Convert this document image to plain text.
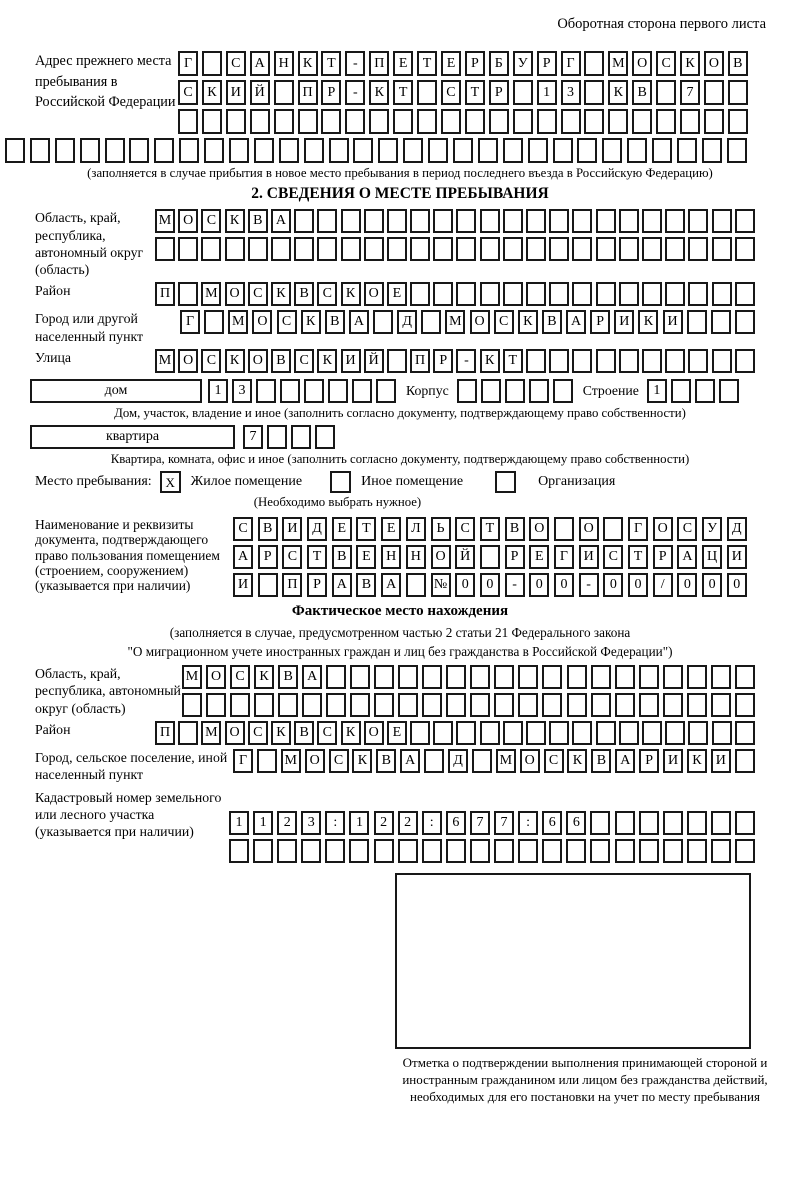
Оборотная сторона первого листа
Адрес прежнего места пребывания в Российской Федерации
Г	С	А Н	К	Т	-	П	Е	Т	Е	Р	Б	У	Р	Г	М О	С	К	О	В
С	К	И Й	П	Р	-	К	Т	С	Т	Р	1	3	К	В	7
(заполняется в случае прибытия в новое место пребывания в период последнего въезда в Российскую Федерацию)
2. СВЕДЕНИЯ О МЕСТЕ ПРЕБЫВАНИЯ
Область, край, республика, автономный округ (область)
М О С К В А
Район	П	М О С К В С К О Е
Город или другой населенный пункт
Г	М О	С	К	В	А	Д	М О	С	К	В	А	Р	И	К	И
Улица	М О С К О В С К И Й	П	Р	-	К	Т
дом	1	3	Корпус	Строение	1
Дом, участок, владение и иное (заполнить согласно документу, подтверждающему право собственности)
квартира	7
Квартира, комната, офис и иное (заполнить согласно документу, подтверждающему право собственности)
Место пребывания:	X	Жилое помещение	Иное помещение	Организация
(Необходимо выбрать нужное)
Наименование и реквизиты документа, подтверждающего право пользования помещением (строением, сооружением) (указывается при наличии)
С	В	И	Д	Е	Т	Е	Л	Ь	С	Т	В	О	О	Г	О	С	У	Д
А	Р	С	Т	В	Е	Н	Н	О	Й	Р	Е	Г	И	С	Т	Р	А	Ц	И
И	П	Р	А	В	А	№	0	0	-	0	0	-	0	0	/	0	0	0
Фактическое место нахождения
(заполняется в случае, предусмотренном частью 2 статьи 21 Федерального закона
"О миграционном учете иностранных граждан и лиц без гражданства в Российской Федерации")
Область, край, республика, автономный округ (область)
М О	С	К	В	А
Район	П	М О С К В С К О Е
Город, сельское поселение, иной населенный пункт
Г	М О	С	К	В	А	Д	М О	С	К	В	А	Р	И	К	И
Кадастровый номер земельного или лесного участка (указывается при наличии)
1	1	2	3	:	1	2	2	:	6	7	7	:	6	6
Отметка о подтверждении выполнения принимающей стороной и иностранным гражданином или лицом без гражданства действий, необходимых для его постановки на учет по месту пребывания
